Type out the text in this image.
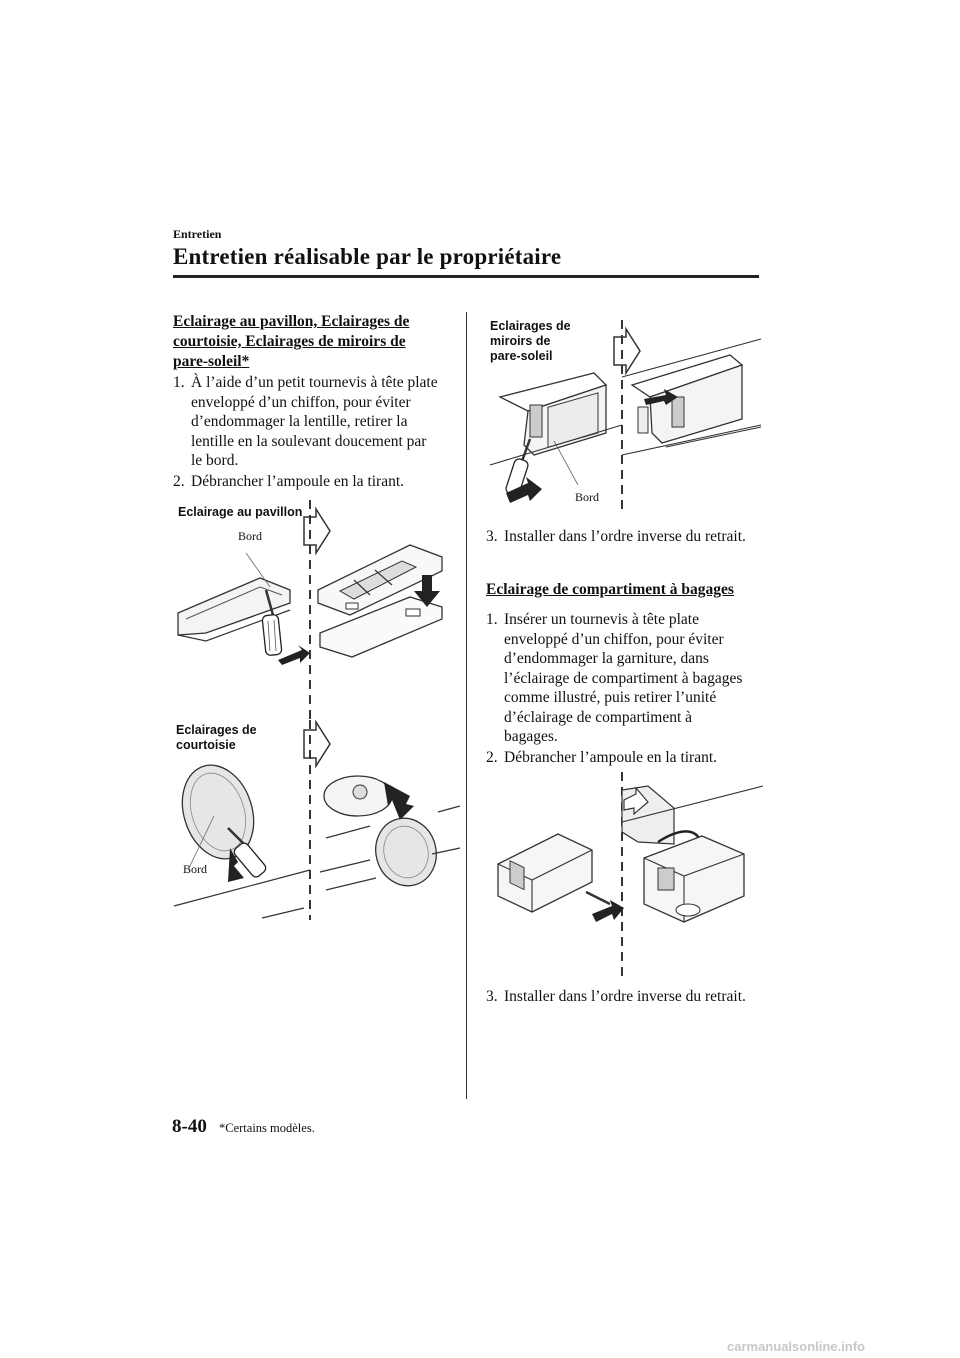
Entretien
Entretien réalisable par le propriétaire
Eclairage au pavillon, Eclairages de
courtoisie, Eclairages de miroirs de
pare-soleil*
1. À l’aide d’un petit tournevis à tête plate
enveloppé d’un chiffon, pour éviter
d’endommager la lentille, retirer la
lentille en la soulevant doucement par
le bord.
2. Débrancher l’ampoule en la tirant.
Eclairage au pavillon
Bord
Eclairages de
courtoisie
Bord
Eclairages de
miroirs de
pare-soleil
Bord
3. Installer dans l’ordre inverse du retrait.
Eclairage de compartiment à bagages
1. Insérer un tournevis à tête plate
enveloppé d’un chiffon, pour éviter
d’endommager la garniture, dans
l’éclairage de compartiment à bagages
comme illustré, puis retirer l’unité
d’éclairage de compartiment à
bagages.
2. Débrancher l’ampoule en la tirant.
3. Installer dans l’ordre inverse du retrait.
8-40 *Certains modèles.
carmanualsonline.info
